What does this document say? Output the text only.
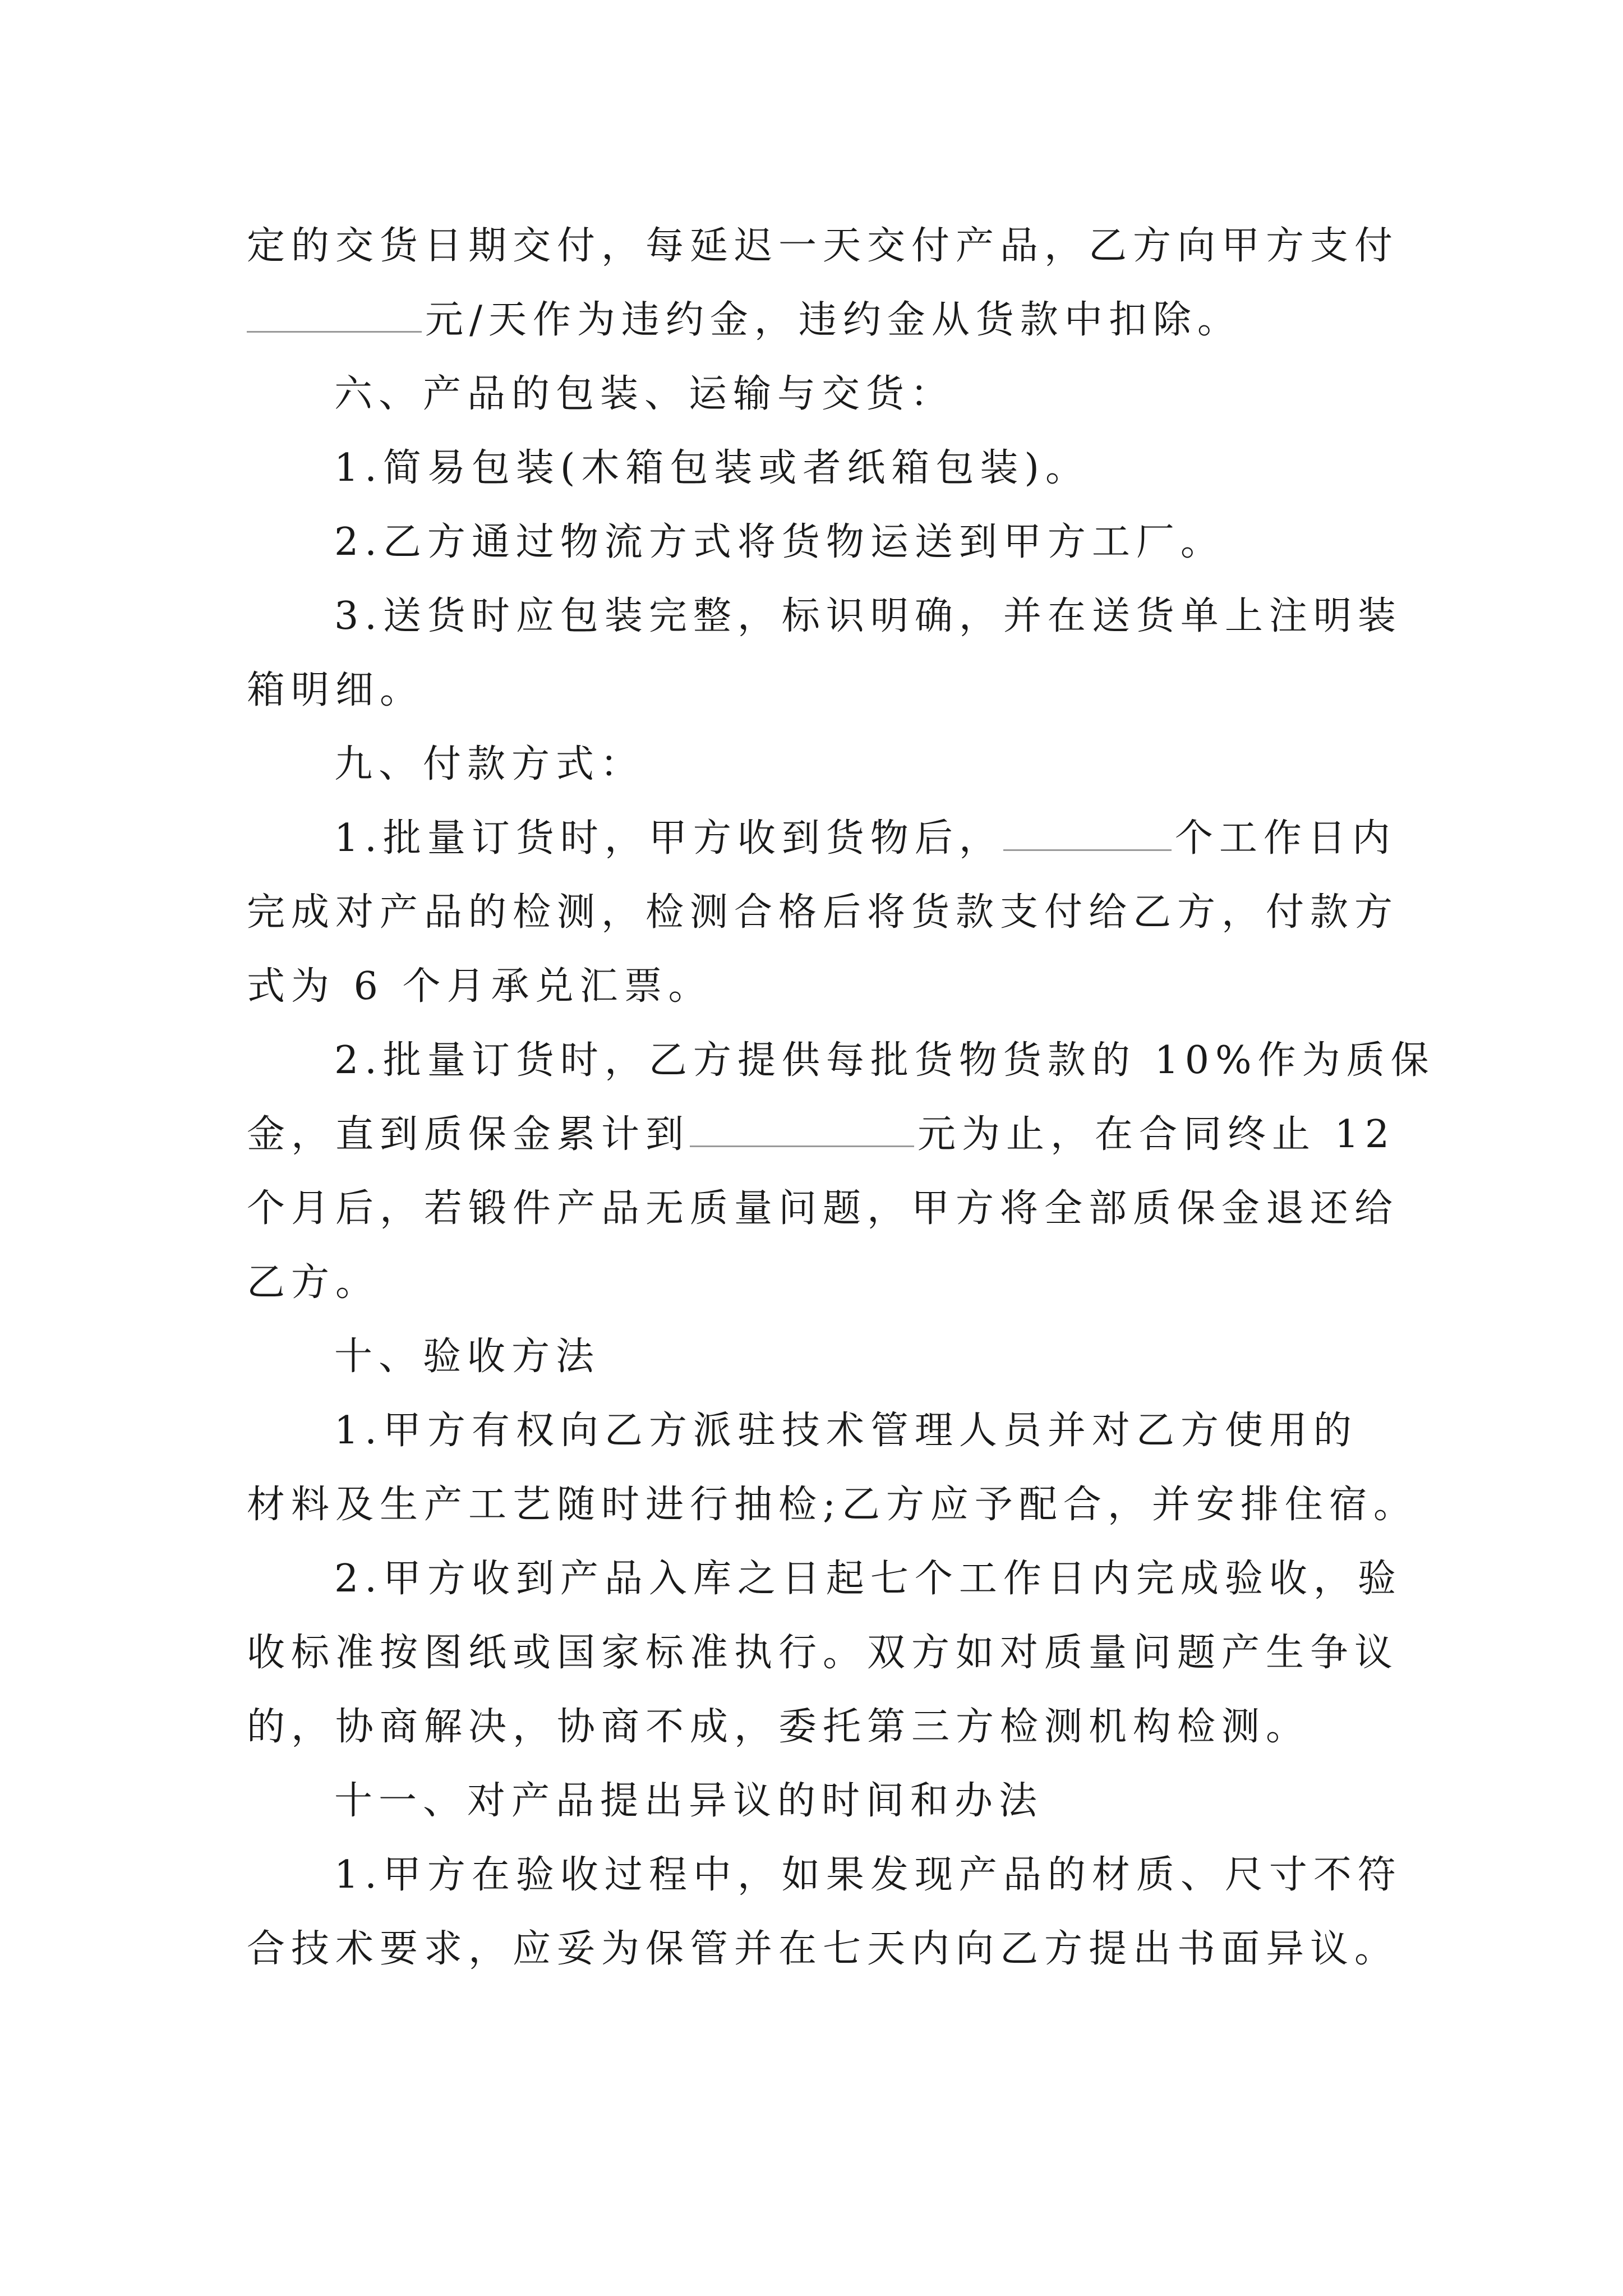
定的交货日期交付，每延迟一天交付产品，乙方向甲方支付
元/天作为违约金，违约金从货款中扣除。
六、产品的包装、运输与交货：
1.简易包装(木箱包装或者纸箱包装)。
2.乙方通过物流方式将货物运送到甲方工厂。
3.送货时应包装完整，标识明确，并在送货单上注明装
箱明细。
九、付款方式：
1.批量订货时，甲方收到货物后，	个工作日内
完成对产品的检测，检测合格后将货款支付给乙方，付款方
式为 6 个月承兑汇票。
2.批量订货时，乙方提供每批货物货款的 10%作为质保
金，直到质保金累计到	元为止，在合同终止 12
个月后，若锻件产品无质量问题，甲方将全部质保金退还给
乙方。
十、验收方法
1.甲方有权向乙方派驻技术管理人员并对乙方使用的
材料及生产工艺随时进行抽检;乙方应予配合，并安排住宿。
2.甲方收到产品入库之日起七个工作日内完成验收，验
收标准按图纸或国家标准执行。双方如对质量问题产生争议
的，协商解决，协商不成，委托第三方检测机构检测。
十一、对产品提出异议的时间和办法
1.甲方在验收过程中，如果发现产品的材质、尺寸不符
合技术要求，应妥为保管并在七天内向乙方提出书面异议。
